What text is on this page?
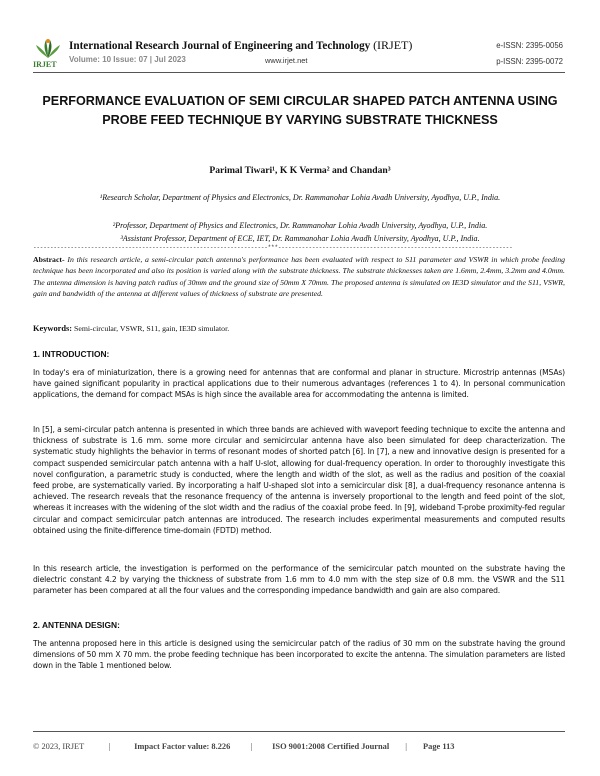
IRJET
International Research Journal of Engineering and Technology (IRJET)
Volume: 10 Issue: 07 | Jul 2023	www.irjet.net
e-ISSN: 2395-0056
p-ISSN: 2395-0072
PERFORMANCE EVALUATION OF SEMI CIRCULAR SHAPED PATCH ANTENNA USING PROBE FEED TECHNIQUE BY VARYING SUBSTRATE THICKNESS
Parimal Tiwari¹, K K Verma² and Chandan³
¹Research Scholar, Department of Physics and Electronics, Dr. Rammanohar Lohia Avadh University, Ayodhya, U.P., India.
²Professor, Department of Physics and Electronics, Dr. Rammanohar Lohia Avadh University, Ayodhya, U.P., India.
³Assistant Professor, Department of ECE, IET, Dr. Rammanohar Lohia Avadh University, Ayodhya, U.P., India.
---------------------------------------------------------------------***---------------------------------------------------------------------
Abstract- In this research article, a semi-circular patch antenna's performance has been evaluated with respect to S11 parameter and VSWR in which probe feeding technique has been incorporated and also its position is varied along with the substrate thickness. The substrate thicknesses taken are 1.6mm, 2.4mm, 3.2mm and 4.0mm. The antenna dimension is having patch radius of 30mm and the ground size of 50mm X 70mm. The proposed antenna is simulated on IE3D simulator and the S11, VSWR, gain and bandwidth of the antenna at different values of thickness of substrate are presented.
Keywords: Semi-circular, VSWR, S11, gain, IE3D simulator.
1. INTRODUCTION:
In today's era of miniaturization, there is a growing need for antennas that are conformal and planar in structure. Microstrip antennas (MSAs) have gained significant popularity in practical applications due to their numerous advantages (references 1 to 4). In personal communication applications, the demand for compact MSAs is high since the available area for accommodating the antenna is limited.
In [5], a semi-circular patch antenna is presented in which three bands are achieved with waveport feeding technique to excite the antenna and thickness of substrate is 1.6 mm. some more circular and semicircular antenna have also been simulated for deep characterization. The systematic study highlights the behavior in terms of resonant modes of shorted patch [6]. In [7], a new and innovative design is presented for a compact suspended semicircular patch antenna with a half U-slot, allowing for dual-frequency operation. In order to thoroughly investigate this novel configuration, a parametric study is conducted, where the length and width of the slot, as well as the radius and position of the coaxial feed probe, are systematically varied. By incorporating a half U-shaped slot into a semicircular disk [8], a dual-frequency resonance antenna is achieved. The research reveals that the resonance frequency of the antenna is inversely proportional to the length and feed point of the slot, whereas it increases with the widening of the slot width and the radius of the coaxial probe feed. In [9], wideband T-probe proximity-fed regular circular and compact semicircular patch antennas are introduced. The research includes experimental measurements and computed results obtained using the finite-difference time-domain (FDTD) method.
In this research article, the investigation is performed on the performance of the semicircular patch mounted on the substrate having the dielectric constant 4.2 by varying the thickness of substrate from 1.6 mm to 4.0 mm with the step size of 0.8 mm. the VSWR and the S11 parameter has been compared at all the four values and the corresponding impedance bandwidth and gain are also compared.
2. ANTENNA DESIGN:
The antenna proposed here in this article is designed using the semicircular patch of the radius of 30 mm on the substrate having the ground dimensions of 50 mm X 70 mm. the probe feeding technique has been incorporated to excite the antenna. The simulation parameters are listed down in the Table 1 mentioned below.
© 2023, IRJET	|	Impact Factor value: 8.226 | ISO 9001:2008 Certified Journal | Page 113
